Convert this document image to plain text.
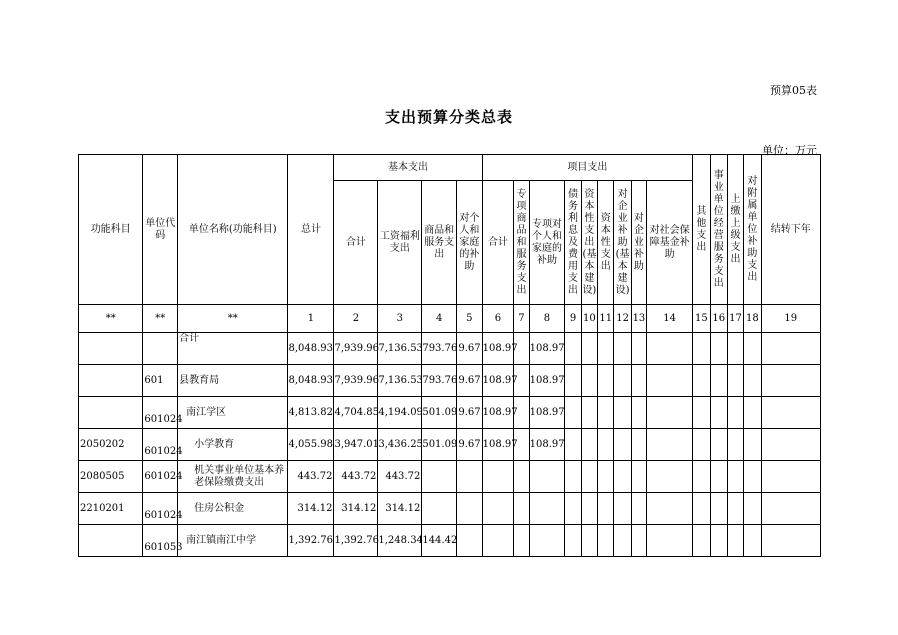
预算05表
支出预算分类总表
单位：万元
功能科目	单位代码	单位名称(功能科目)	总计	基本支出				项目支出									其他支出	事业单位经营服务支出	上缴上级支出	对附属单位补助支出	结转下年
				合计	工资福利支出	商品和服务支出	对个人和家庭的补助	合计	专项商品和服务支出	专项对个人和家庭的补助	债务利息及费用支出	资本性支出(基本建设)	资本性支出	对企业补助(基本建设)	对企业补助	对社会保障基金补助					
**	**	**	1	2	3	4	5	6	7	8	9	10	11	12	13	14	15	16	17	18	19
		合计	8,048.93	7,939.96	7,136.53	793.76	9.67	108.97		108.97											
	601	县教育局	8,048.93	7,939.96	7,136.53	793.76	9.67	108.97		108.97											
	601024	南江学区	4,813.82	4,704.85	4,194.09	501.09	9.67	108.97		108.97											
2050202	601024	小学教育	4,055.98	3,947.01	3,436.25	501.09	9.67	108.97		108.97											
2080505	601024	机关事业单位基本养老保险缴费支出	443.72	443.72	443.72																
2210201	601024	住房公积金	314.12	314.12	314.12																
	601053	南江镇南江中学	1,392.76	1,392.76	1,248.34	144.42															
